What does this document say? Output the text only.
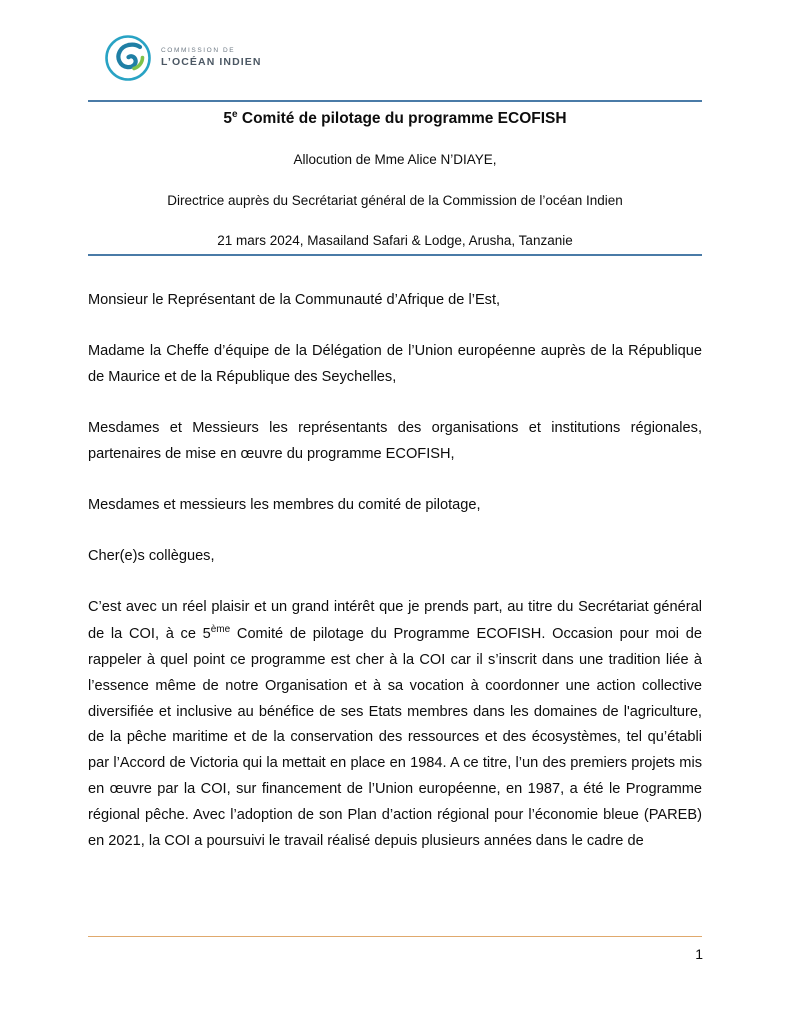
COMMISSION DE
L’OCÉAN INDIEN
5e Comité de pilotage du programme ECOFISH

Allocution de Mme Alice N’DIAYE,

Directrice auprès du Secrétariat général de la Commission de l’océan Indien

21 mars 2024, Masailand Safari & Lodge, Arusha, Tanzanie

Monsieur le Représentant de la Communauté d’Afrique de l’Est,

Madame la Cheffe d’équipe de la Délégation de l’Union européenne auprès de la République de Maurice et de la République des Seychelles,

Mesdames et Messieurs les représentants des organisations et institutions régionales, partenaires de mise en œuvre du programme ECOFISH,

Mesdames et messieurs les membres du comité de pilotage,

Cher(e)s collègues,

C’est avec un réel plaisir et un grand intérêt que je prends part, au titre du Secrétariat général de la COI, à ce 5ème Comité de pilotage du Programme ECOFISH. Occasion pour moi de rappeler à quel point ce programme est cher à la COI car il s’inscrit dans une tradition liée à l’essence même de notre Organisation et à sa vocation à coordonner une action collective diversifiée et inclusive au bénéfice de ses Etats membres dans les domaines de l'agriculture, de la pêche maritime et de la conservation des ressources et des écosystèmes, tel qu’établi par l’Accord de Victoria qui la mettait en place en 1984. A ce titre, l’un des premiers projets mis en œuvre par la COI, sur financement de l’Union européenne, en 1987, a été le Programme régional pêche. Avec l’adoption de son Plan d’action régional pour l’économie bleue (PAREB) en 2021, la COI a poursuivi le travail réalisé depuis plusieurs années dans le cadre de

1
